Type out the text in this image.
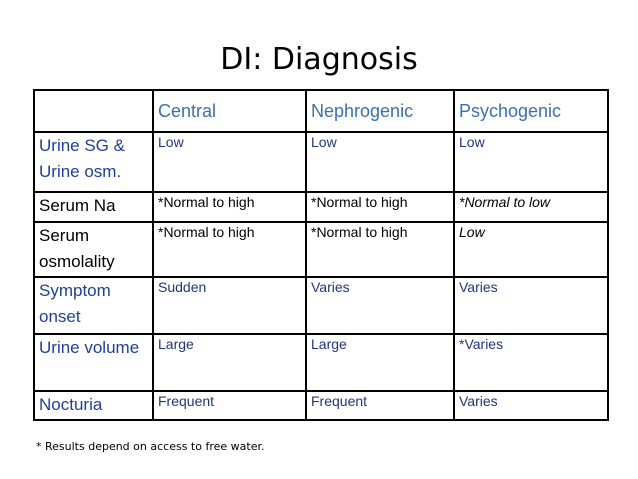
DI: Diagnosis
	Central	Nephrogenic	Psychogenic
Urine SG & Urine osm.	Low	Low	Low
Serum Na	*Normal to high	*Normal to high	*Normal to low
Serum osmolality	*Normal to high	*Normal to high	Low
Symptom onset	Sudden	Varies	Varies
Urine volume	Large	Large	*Varies
Nocturia	Frequent	Frequent	Varies
* Results depend on access to free water.
